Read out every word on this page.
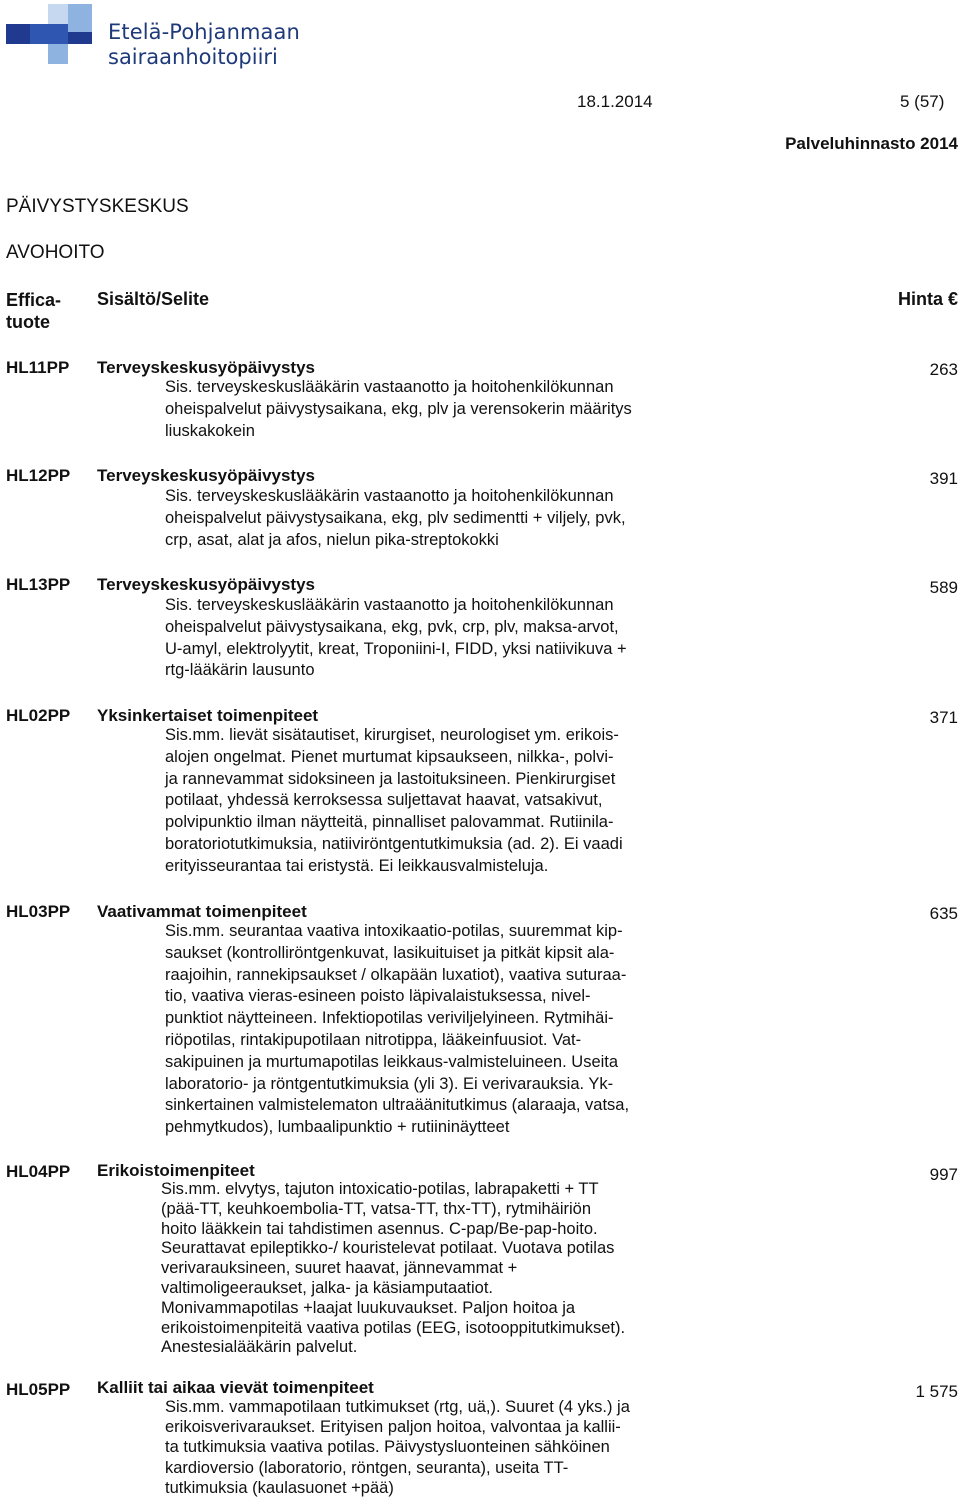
Etelä-Pohjanmaan
sairaanhoitopiiri
18.1.2014	5 (57)
Palveluhinnasto 2014
PÄIVYSTYSKESKUS
AVOHOITO
Effica-tuote
Sisältö/Selite	Hinta €
HL11PP Terveyskeskusyöpäivystys	263
Sis. terveyskeskuslääkärin vastaanotto ja hoitohenkilökunnan
oheispalvelut päivystysaikana, ekg, plv ja verensokerin määritys
liuskakokein
HL12PP Terveyskeskusyöpäivystys	391
Sis. terveyskeskuslääkärin vastaanotto ja hoitohenkilökunnan
oheispalvelut päivystysaikana, ekg, plv sedimentti + viljely, pvk,
crp, asat, alat ja afos, nielun pika-streptokokki
HL13PP Terveyskeskusyöpäivystys	589
Sis. terveyskeskuslääkärin vastaanotto ja hoitohenkilökunnan
oheispalvelut päivystysaikana, ekg, pvk, crp, plv, maksa-arvot,
U-amyl, elektrolyytit, kreat, Troponiini-I, FIDD, yksi natiivikuva +
rtg-lääkärin lausunto
HL02PP Yksinkertaiset toimenpiteet	371
Sis.mm. lievät sisätautiset, kirurgiset, neurologiset ym. erikois-
alojen ongelmat. Pienet murtumat kipsaukseen, nilkka-, polvi-
ja rannevammat sidoksineen ja lastoituksineen. Pienkirurgiset
potilaat, yhdessä kerroksessa suljettavat haavat, vatsakivut,
polvipunktio ilman näytteitä, pinnalliset palovammat. Rutiinila-
boratoriotutkimuksia, natiiviröntgentutkimuksia (ad. 2). Ei vaadi
erityisseurantaa tai eristystä. Ei leikkausvalmisteluja.
HL03PP Vaativammat toimenpiteet	635
Sis.mm. seurantaa vaativa intoxikaatio-potilas, suuremmat kip-
saukset (kontrolliröntgenkuvat, lasikuituiset ja pitkät kipsit ala-
raajoihin, rannekipsaukset / olkapään luxatiot), vaativa suturaa-
tio, vaativa vieras-esineen poisto läpivalaistuksessa, nivel-
punktiot näytteineen. Infektiopotilas veriviljelyineen. Rytmihäi-
riöpotilas, rintakipupotilaan nitrotippa, lääkeinfuusiot. Vat-
sakipuinen ja murtumapotilas leikkaus-valmisteluineen. Useita
laboratorio- ja röntgentutkimuksia (yli 3). Ei verivarauksia. Yk-
sinkertainen valmistelematon ultraäänitutkimus (alaraaja, vatsa,
pehmytkudos), lumbaalipunktio + rutiininäytteet
HL04PP Erikoistoimenpiteet	997
Sis.mm. elvytys, tajuton intoxicatio-potilas, labrapaketti + TT
(pää-TT, keuhkoembolia-TT, vatsa-TT, thx-TT), rytmihäiriön
hoito lääkkein tai tahdistimen asennus. C-pap/Be-pap-hoito.
Seurattavat epileptikko-/ kouristelevat potilaat. Vuotava potilas
verivarauksineen, suuret haavat, jännevammat +
valtimoligeeraukset, jalka- ja käsiamputaatiot.
Monivammapotilas +laajat luukuvaukset. Paljon hoitoa ja
erikoistoimenpiteitä vaativa potilas (EEG, isotooppitutkimukset).
Anestesialääkärin palvelut.
HL05PP Kalliit tai aikaa vievät toimenpiteet	1 575
Sis.mm. vammapotilaan tutkimukset (rtg, uä,). Suuret (4 yks.) ja
erikoisverivaraukset. Erityisen paljon hoitoa, valvontaa ja kallii-
ta tutkimuksia vaativa potilas. Päivystysluonteinen sähköinen
kardioversio (laboratorio, röntgen, seuranta), useita TT-
tutkimuksia (kaulasuonet +pää)
